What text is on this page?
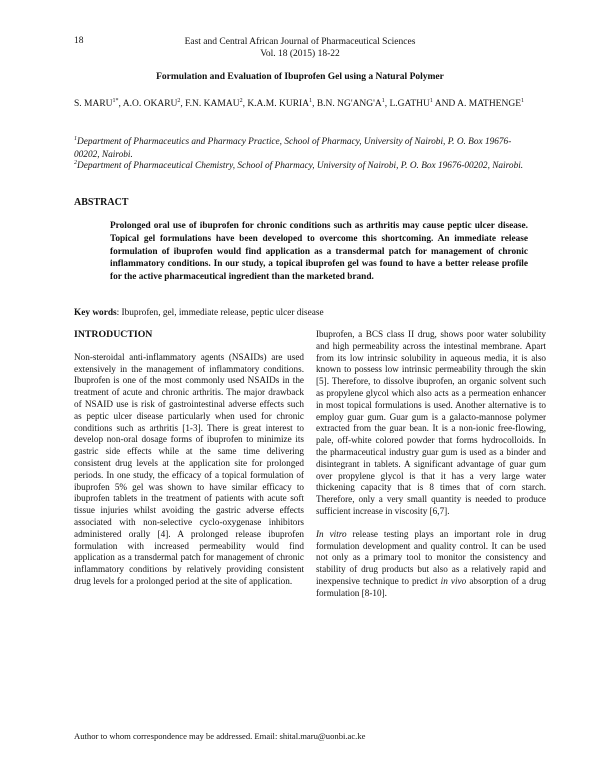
18	East and Central African Journal of Pharmaceutical Sciences
Vol. 18 (2015) 18-22
Formulation and Evaluation of Ibuprofen Gel using a Natural Polymer
S. $MARU^{1*}$, A.O. OKARU$^2$, F.N. KAMAU$^2$, K.A.M. KURIA$^1$, B.N. $NG'ANG'A^1$, L.GATHU$^1$ AND A. MATHENGE$^1$
$^1$Department of Pharmaceutics and Pharmacy Practice, School of Pharmacy, University of Nairobi, P. O. Box 19676-00202, Nairobi.
$^2$Department of Pharmaceutical Chemistry, School of Pharmacy, University of Nairobi, P. O. Box 19676-00202, Nairobi.
ABSTRACT
Prolonged oral use of ibuprofen for chronic conditions such as arthritis may cause peptic ulcer disease. Topical gel formulations have been developed to overcome this shortcoming. An immediate release formulation of ibuprofen would find application as a transdermal patch for management of chronic inflammatory conditions. In our study, a topical ibuprofen gel was found to have a better release profile for the active pharmaceutical ingredient than the marketed brand.
Key words: Ibuprofen, gel, immediate release, peptic ulcer disease

INTRODUCTION

Non-steroidal anti-inflammatory agents (NSAIDs) are used extensively in the management of inflammatory conditions. Ibuprofen is one of the most commonly used NSAIDs in the treatment of acute and chronic arthritis. The major drawback of NSAID use is risk of gastrointestinal adverse effects such as peptic ulcer disease particularly when used for chronic conditions such as arthritis [1-3]. There is great interest to develop non-oral dosage forms of ibuprofen to minimize its gastric side effects while at the same time delivering consistent drug levels at the application site for prolonged periods. In one study, the efficacy of a topical formulation of ibuprofen 5% gel was shown to have similar efficacy to ibuprofen tablets in the treatment of patients with acute soft tissue injuries whilst avoiding the gastric adverse effects associated with non-selective cyclo-oxygenase inhibitors administered orally [4]. A prolonged release ibuprofen formulation with increased permeability would find application as a transdermal patch for management of chronic inflammatory conditions by relatively providing consistent drug levels for a prolonged period at the site of application.

Ibuprofen, a BCS class II drug, shows poor water solubility and high permeability across the intestinal membrane. Apart from its low intrinsic solubility in aqueous media, it is also known to possess low intrinsic permeability through the skin [5]. Therefore, to dissolve ibuprofen, an organic solvent such as propylene glycol which also acts as a permeation enhancer in most topical formulations is used. Another alternative is to employ guar gum. Guar gum is a galacto-mannose polymer extracted from the guar bean. It is a non-ionic free-flowing, pale, off-white colored powder that forms hydrocolloids. In the pharmaceutical industry guar gum is used as a binder and disintegrant in tablets. A significant advantage of guar gum over propylene glycol is that it has a very large water thickening capacity that is 8 times that of corn starch. Therefore, only a very small quantity is needed to produce sufficient increase in viscosity [6,7].

In vitro release testing plays an important role in drug formulation development and quality control. It can be used not only as a primary tool to monitor the consistency and stability of drug products but also as a relatively rapid and inexpensive technique to predict in vivo absorption of a drug formulation [8-10].

Author to whom correspondence may be addressed. Email: shital.maru@uonbi.ac.ke
